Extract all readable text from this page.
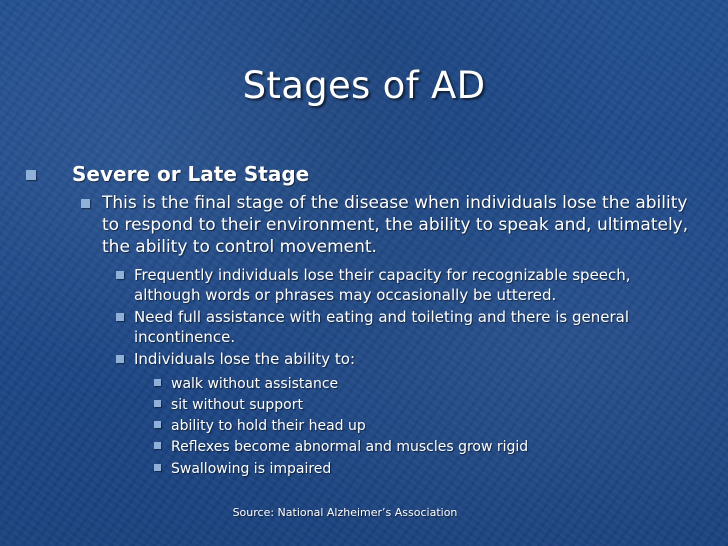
Stages of AD
Severe or Late Stage
This is the final stage of the disease when individuals lose the ability to respond to their environment, the ability to speak and, ultimately, the ability to control movement.
Frequently individuals lose their capacity for recognizable speech, although words or phrases may occasionally be uttered.
Need full assistance with eating and toileting and there is general incontinence.
Individuals lose the ability to:
walk without assistance
sit without support
ability to hold their head up
Reflexes become abnormal and muscles grow rigid
Swallowing is impaired
Source: National Alzheimer’s Association
